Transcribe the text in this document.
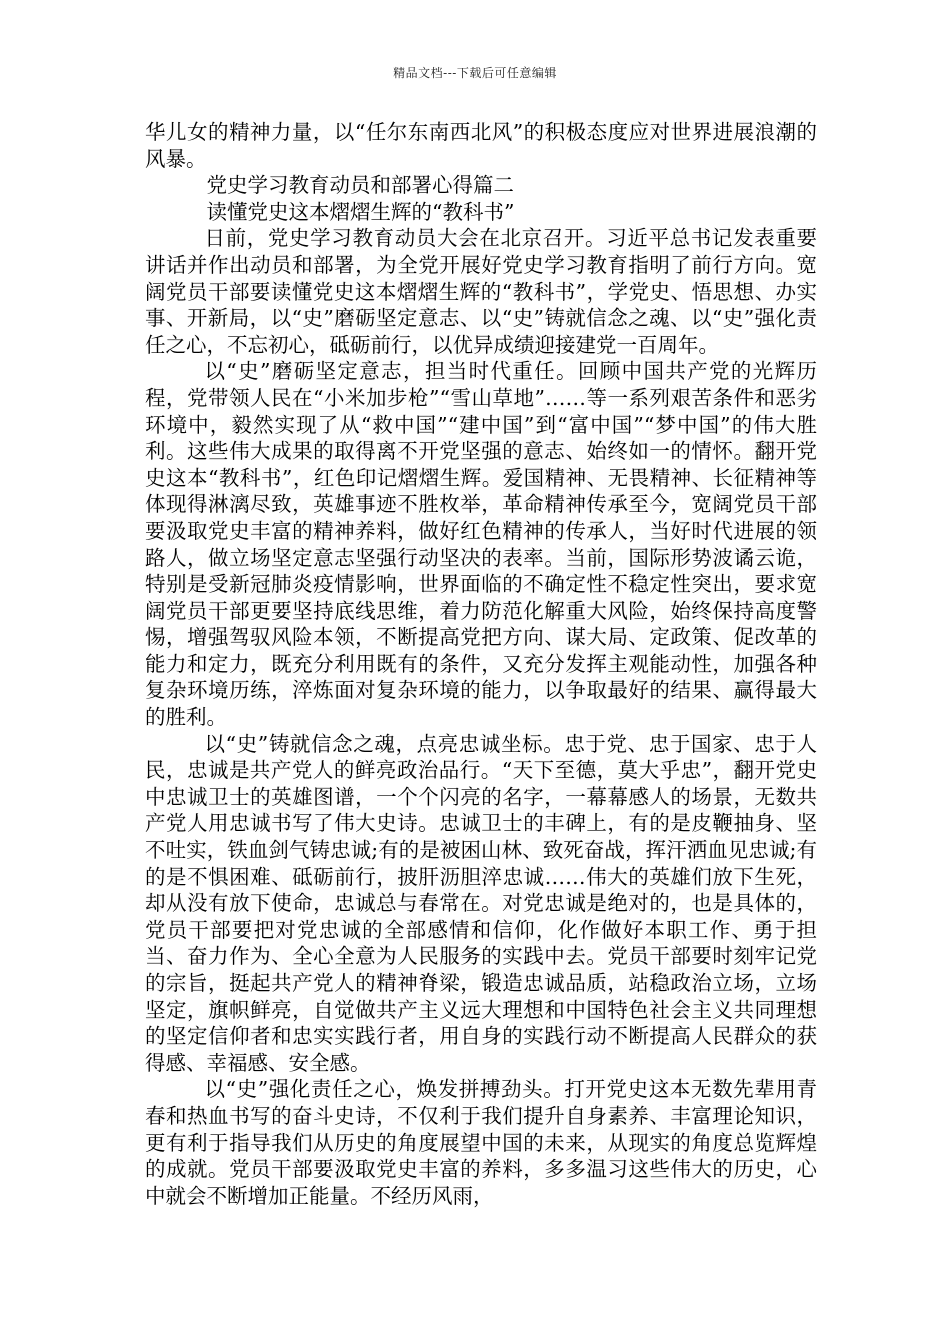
精品文档---下载后可任意编辑

华儿女的精神力量，以“任尔东南西北风”的积极态度应对世界进展浪潮的风暴。

党史学习教育动员和部署心得篇二

读懂党史这本熠熠生辉的“教科书”

日前，党史学习教育动员大会在北京召开。习近平总书记发表重要讲话并作出动员和部署，为全党开展好党史学习教育指明了前行方向。宽阔党员干部要读懂党史这本熠熠生辉的“教科书”，学党史、悟思想、办实事、开新局，以“史”磨砺坚定意志、以“史”铸就信念之魂、以“史”强化责任之心，不忘初心，砥砺前行，以优异成绩迎接建党一百周年。

以“史”磨砺坚定意志，担当时代重任。回顾中国共产党的光辉历程，党带领人民在“小米加步枪”“雪山草地”……等一系列艰苦条件和恶劣环境中，毅然实现了从“救中国”“建中国”到“富中国”“梦中国”的伟大胜利。这些伟大成果的取得离不开党坚强的意志、始终如一的情怀。翻开党史这本“教科书”，红色印记熠熠生辉。爱国精神、无畏精神、长征精神等体现得淋漓尽致，英雄事迹不胜枚举，革命精神传承至今，宽阔党员干部要汲取党史丰富的精神养料，做好红色精神的传承人，当好时代进展的领路人，做立场坚定意志坚强行动坚决的表率。当前，国际形势波谲云诡，特别是受新冠肺炎疫情影响，世界面临的不确定性不稳定性突出，要求宽阔党员干部更要坚持底线思维，着力防范化解重大风险，始终保持高度警惕，增强驾驭风险本领，不断提高党把方向、谋大局、定政策、促改革的能力和定力，既充分利用既有的条件，又充分发挥主观能动性，加强各种复杂环境历练，淬炼面对复杂环境的能力，以争取最好的结果、赢得最大的胜利。

以“史”铸就信念之魂，点亮忠诚坐标。忠于党、忠于国家、忠于人民，忠诚是共产党人的鲜亮政治品行。“天下至德，莫大乎忠”，翻开党史中忠诚卫士的英雄图谱，一个个闪亮的名字，一幕幕感人的场景，无数共产党人用忠诚书写了伟大史诗。忠诚卫士的丰碑上，有的是皮鞭抽身、坚不吐实，铁血剑气铸忠诚;有的是被困山林、致死奋战，挥汗洒血见忠诚;有的是不惧困难、砥砺前行，披肝沥胆淬忠诚……伟大的英雄们放下生死，却从没有放下使命，忠诚总与春常在。对党忠诚是绝对的，也是具体的，党员干部要把对党忠诚的全部感情和信仰，化作做好本职工作、勇于担当、奋力作为、全心全意为人民服务的实践中去。党员干部要时刻牢记党的宗旨，挺起共产党人的精神脊梁，锻造忠诚品质，站稳政治立场，立场坚定，旗帜鲜亮，自觉做共产主义远大理想和中国特色社会主义共同理想的坚定信仰者和忠实实践行者，用自身的实践行动不断提高人民群众的获得感、幸福感、安全感。

以“史”强化责任之心，焕发拼搏劲头。打开党史这本无数先辈用青春和热血书写的奋斗史诗，不仅利于我们提升自身素养、丰富理论知识，更有利于指导我们从历史的角度展望中国的未来，从现实的角度总览辉煌的成就。党员干部要汲取党史丰富的养料，多多温习这些伟大的历史，心中就会不断增加正能量。不经历风雨，
